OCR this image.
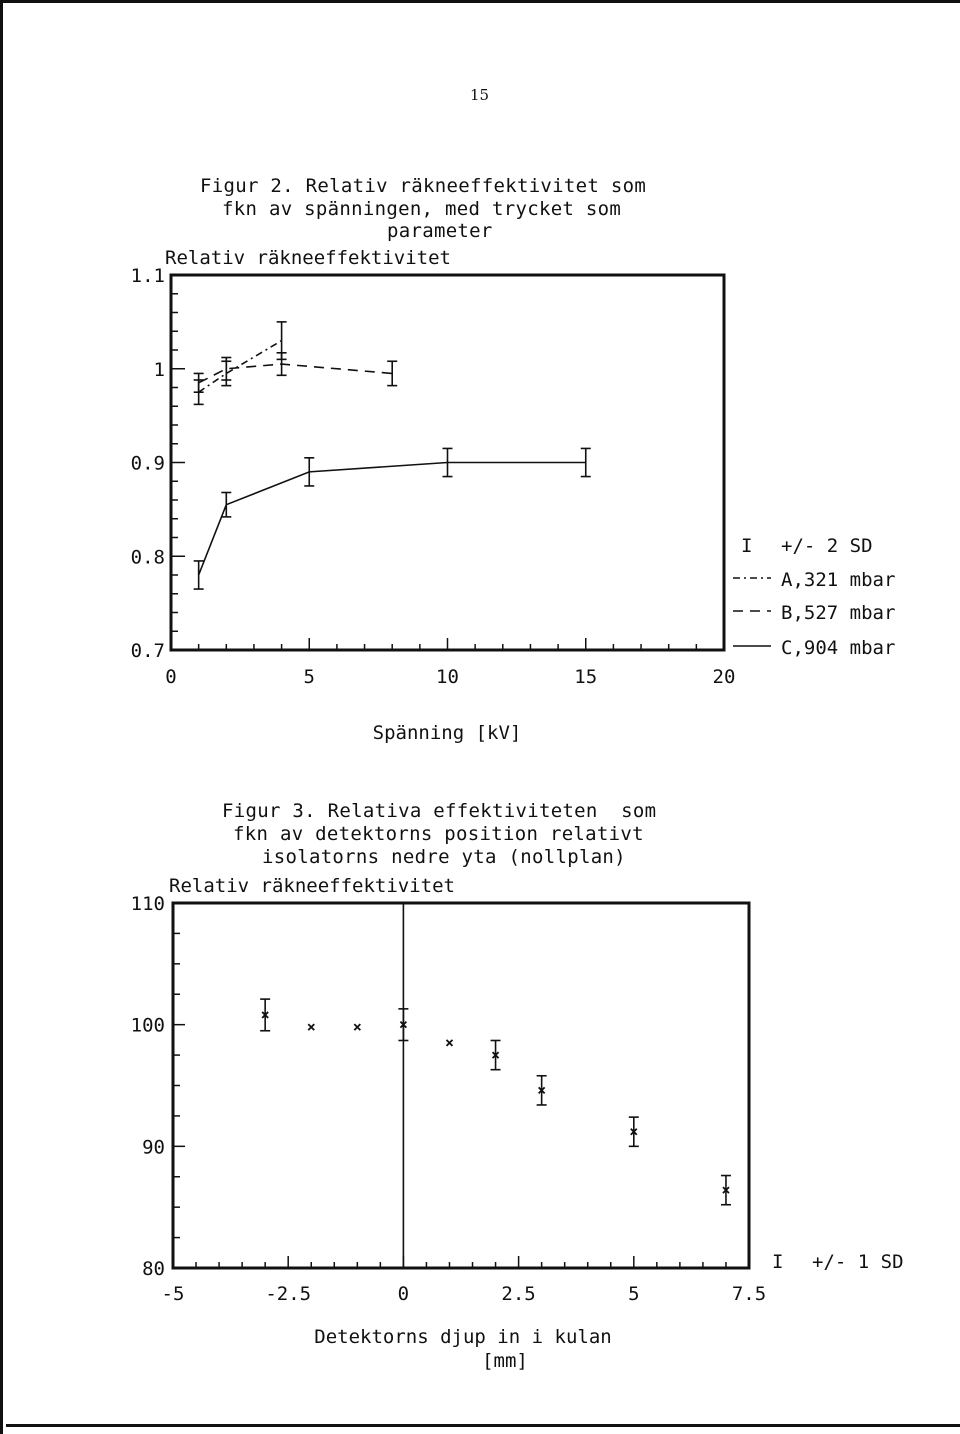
15
Figur 2. Relativ räkneeffektivitet som
fkn av spänningen, med trycket som
parameter
Figur 3. Relativa effektiviteten  som
fkn av detektorns position relativt
isolatorns nedre yta (nollplan)
0.7
0.8
0.9
1
1.1
0	5	10	15	20
Relativ räkneeffektivitet
Spänning [kV]
I +/- 2 SD
A,321 mbar
B,527 mbar
C,904 mbar
80
90
100
110
-5	-2.5	0	2.5	5	7.5
Relativ räkneeffektivitet
Detektorns djup in i kulan
[mm]
I +/- 1 SD
